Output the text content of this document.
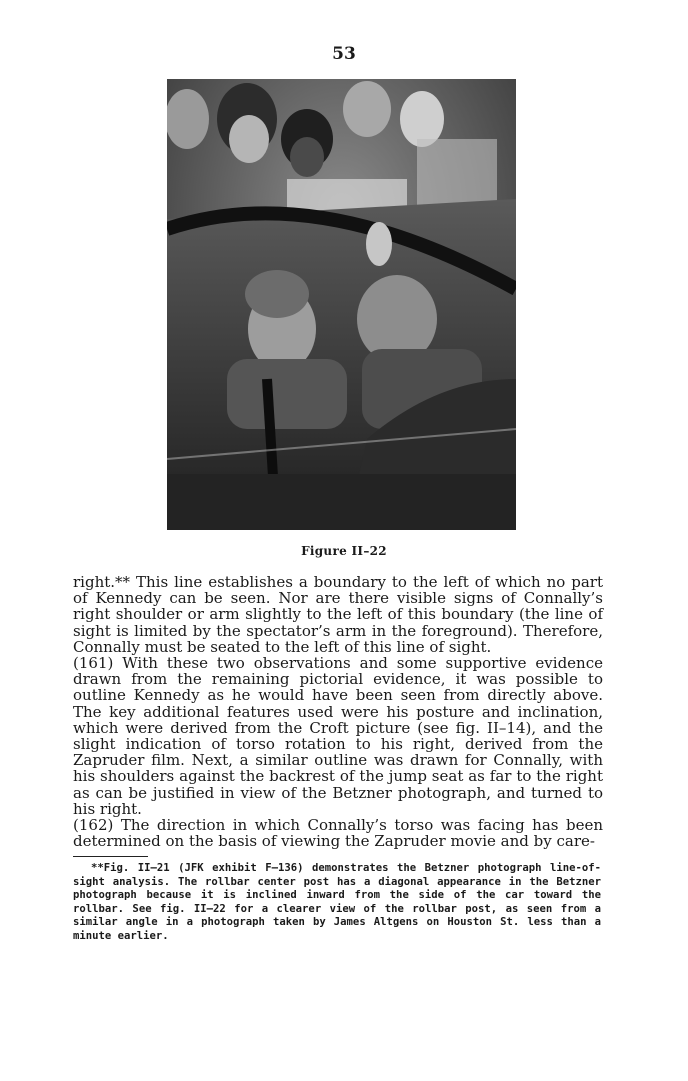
53
Figure II–22

right.** This line establishes a boundary to the left of which no part of Kennedy can be seen. Nor are there visible signs of Connally’s right shoulder or arm slightly to the left of this boundary (the line of sight is limited by the spectator’s arm in the foreground). Therefore, Connally must be seated to the left of this line of sight.

(161) With these two observations and some supportive evidence drawn from the remaining pictorial evidence, it was possible to outline Kennedy as he would have been seen from directly above. The key additional features used were his posture and inclination, which were derived from the Croft picture (see fig. II–14), and the slight indication of torso rotation to his right, derived from the Zapruder film. Next, a similar outline was drawn for Connally, with his shoulders against the backrest of the jump seat as far to the right as can be justified in view of the Betzner photograph, and turned to his right.

(162) The direction in which Connally’s torso was facing has been determined on the basis of viewing the Zapruder movie and by care-

**Fig. II–21 (JFK exhibit F–136) demonstrates the Betzner photograph line-of-sight analysis. The rollbar center post has a diagonal appearance in the Betzner photograph because it is inclined inward from the side of the car toward the rollbar. See fig. II–22 for a clearer view of the rollbar post, as seen from a similar angle in a photograph taken by James Altgens on Houston St. less than a minute earlier.
